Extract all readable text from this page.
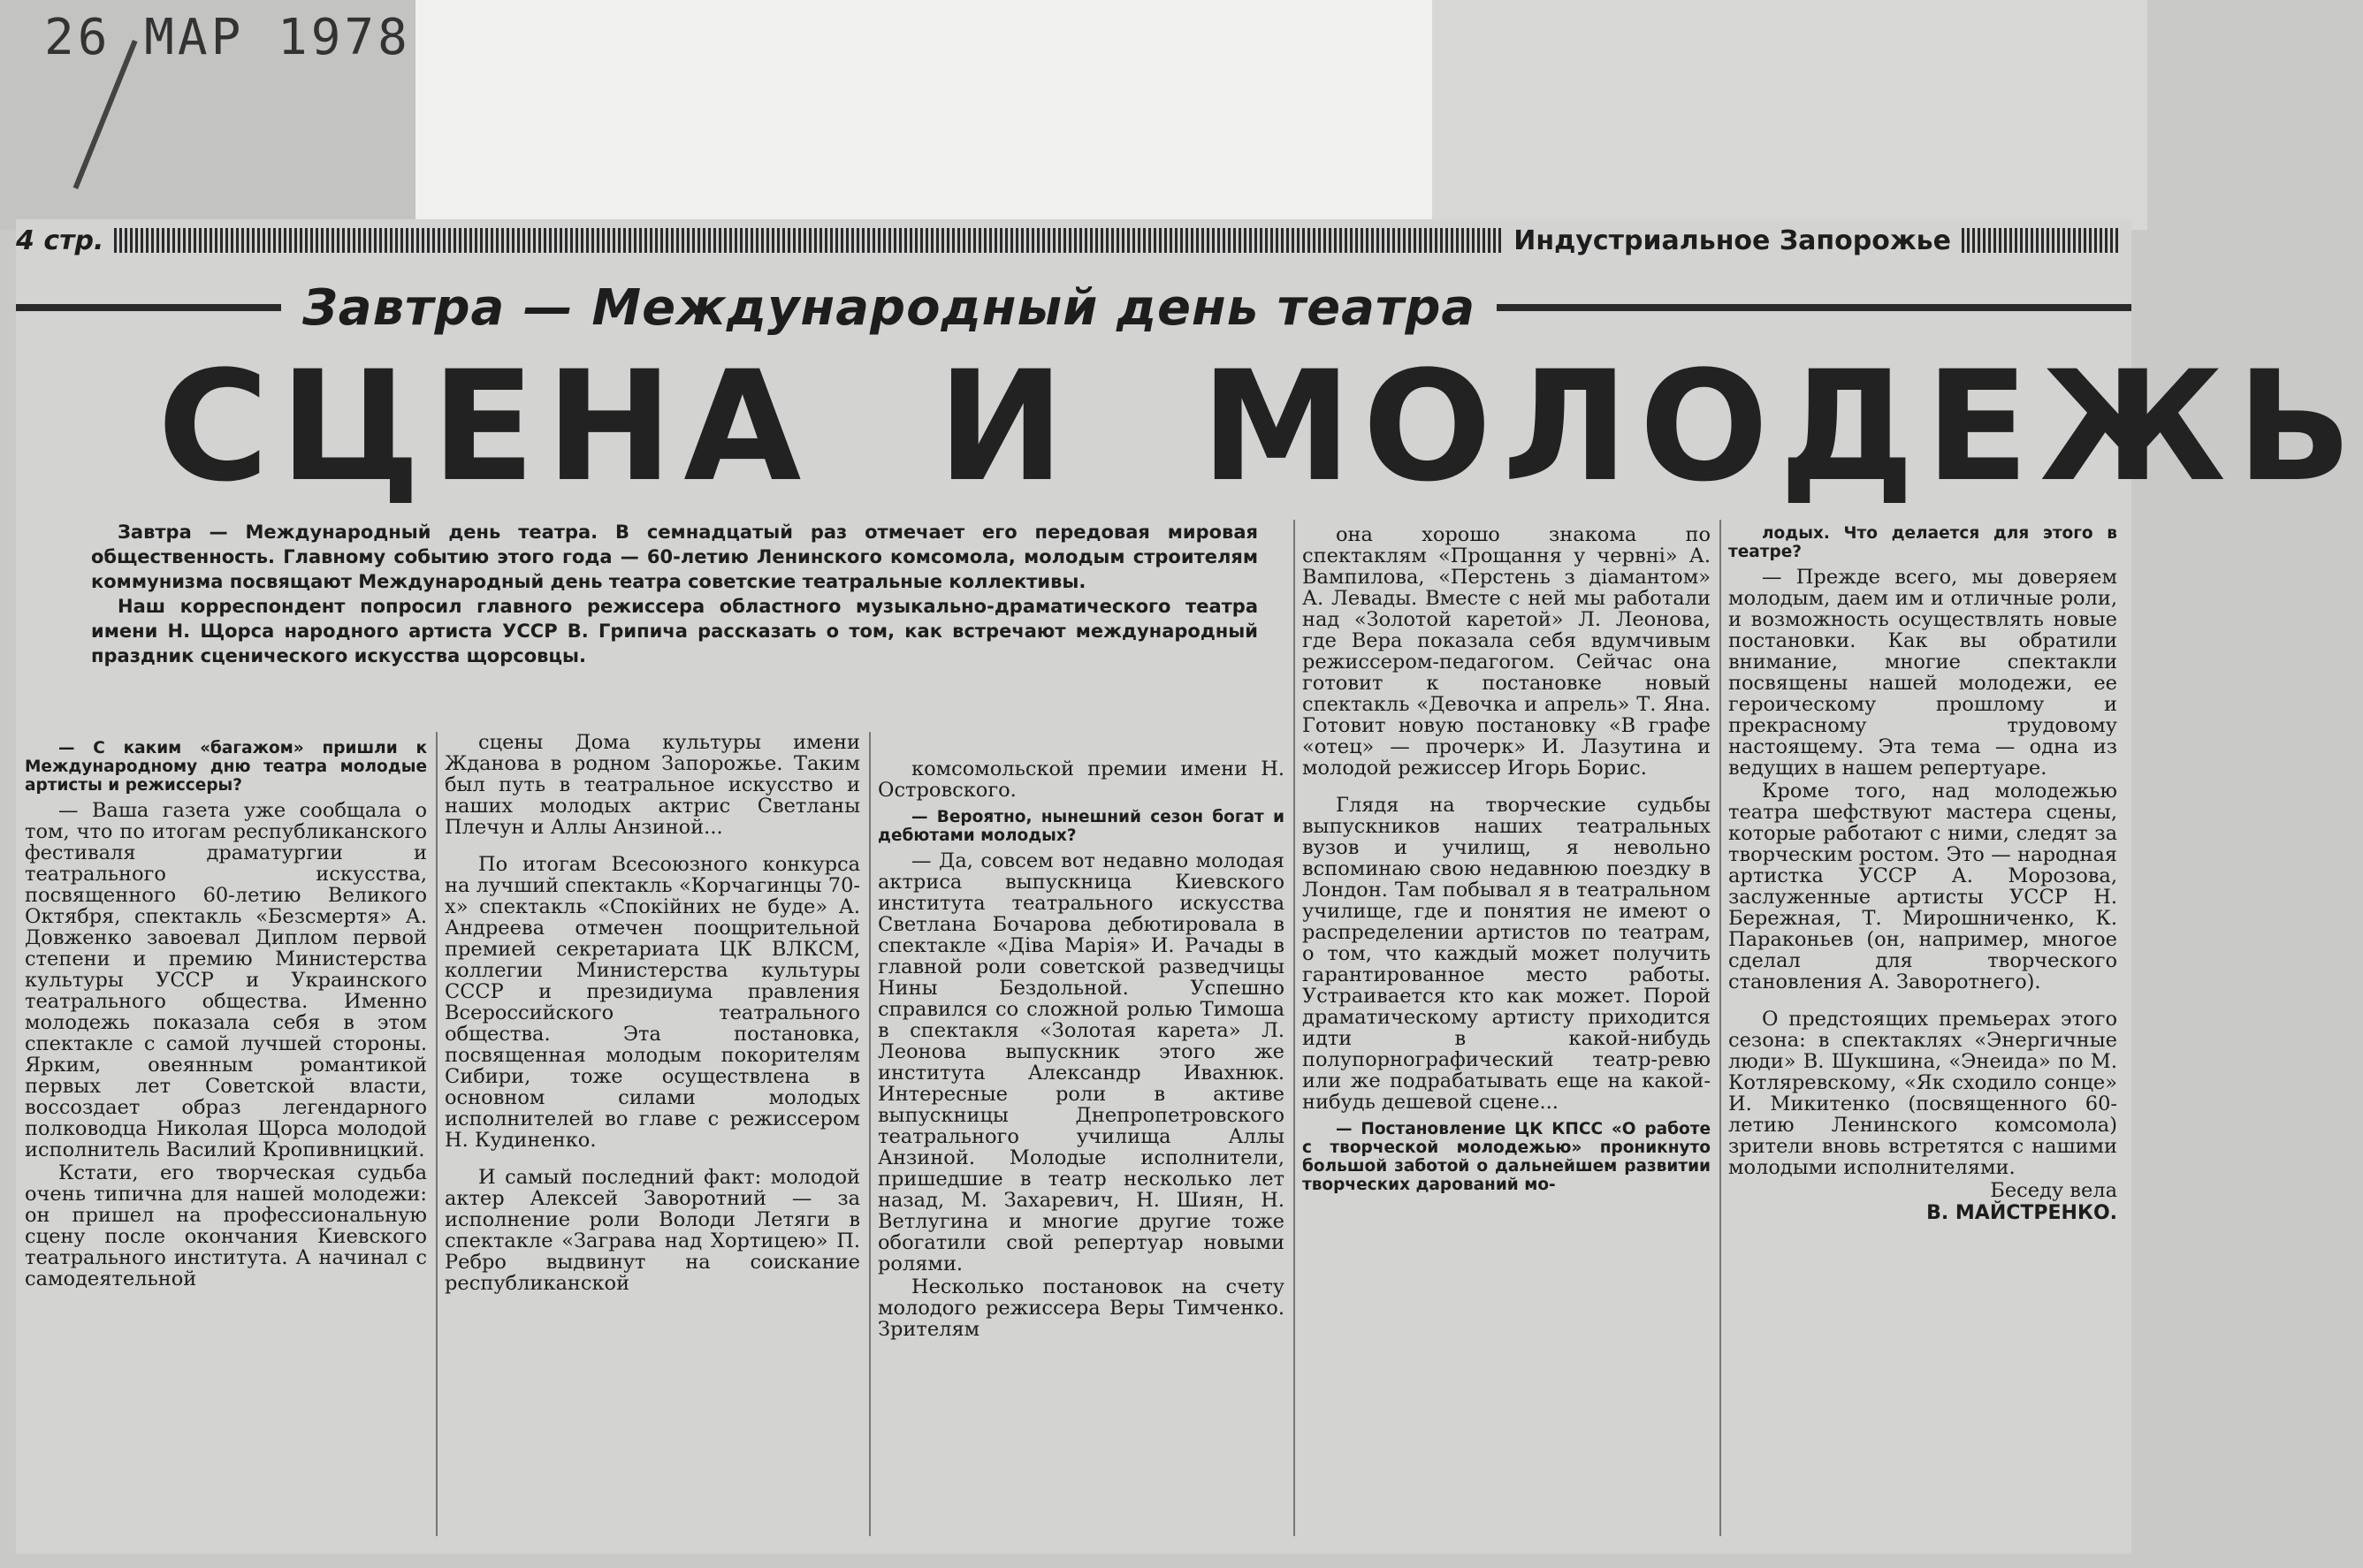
26 МАР 1978
4 стр.	Индустриальное Запорожье
Завтра — Международный день театра
СЦЕНА И МОЛОДЕЖЬ

Завтра — Международный день театра. В семнадцатый раз отмечает его передовая мировая общественность. Главному событию этого года — 60-летию Ленинского комсомола, молодым строителям коммунизма посвящают Международный день театра советские театральные коллективы.

Наш корреспондент попросил главного режиссера областного музыкально-драматического театра имени Н. Щорса народного артиста УССР В. Грипича рассказать о том, как встречают международный праздник сценического искусства щорсовцы.

— С каким «багажом» пришли к Международному дню театра молодые артисты и режиссеры?

— Ваша газета уже сообщала о том, что по итогам республиканского фестиваля драматургии и театрального искусства, посвященного 60-летию Великого Октября, спектакль «Безсмертя» А. Довженко завоевал Диплом первой степени и премию Министерства культуры УССР и Украинского театрального общества. Именно молодежь показала себя в этом спектакле с самой лучшей стороны. Ярким, овеянным романтикой первых лет Советской власти, воссоздает образ легендарного полководца Николая Щорса молодой исполнитель Василий Кропивницкий.

Кстати, его творческая судьба очень типична для нашей молодежи: он пришел на профессиональную сцену после окончания Киевского театрального института. А начинал с самодеятельной

сцены Дома культуры имени Жданова в родном Запорожье. Таким был путь в театральное искусство и наших молодых актрис Светланы Плечун и Аллы Анзиной...

По итогам Всесоюзного конкурса на лучший спектакль «Корчагинцы 70-х» спектакль «Спокійних не буде» А. Андреева отмечен поощрительной премией секретариата ЦК ВЛКСМ, коллегии Министерства культуры СССР и президиума правления Всероссийского театрального общества. Эта постановка, посвященная молодым покорителям Сибири, тоже осуществлена в основном силами молодых исполнителей во главе с режиссером Н. Кудиненко.

И самый последний факт: молодой актер Алексей Заворотний — за исполнение роли Володи Летяги в спектакле «Заграва над Хортицею» П. Ребро выдвинут на соискание республиканской

комсомольской премии имени Н. Островского.

— Вероятно, нынешний сезон богат и дебютами молодых?

— Да, совсем вот недавно молодая актриса выпускница Киевского института театрального искусства Светлана Бочарова дебютировала в спектакле «Діва Марія» И. Рачады в главной роли советской разведчицы Нины Бездольной. Успешно справился со сложной ролью Тимоша в спектакля «Золотая карета» Л. Леонова выпускник этого же института Александр Ивахнюк. Интересные роли в активе выпускницы Днепропетровского театрального училища Аллы Анзиной. Молодые исполнители, пришедшие в театр несколько лет назад, М. Захаревич, Н. Шиян, Н. Ветлугина и многие другие тоже обогатили свой репертуар новыми ролями.

Несколько постановок на счету молодого режиссера Веры Тимченко. Зрителям

она хорошо знакома по спектаклям «Прощання у червні» А. Вампилова, «Перстень з діамантом» А. Левады. Вместе с ней мы работали над «Золотой каретой» Л. Леонова, где Вера показала себя вдумчивым режиссером-педагогом. Сейчас она готовит к постановке новый спектакль «Девочка и апрель» Т. Яна. Готовит новую постановку «В графе «отец» — прочерк» И. Лазутина и молодой режиссер Игорь Борис.

Глядя на творческие судьбы выпускников наших театральных вузов и училищ, я невольно вспоминаю свою недавнюю поездку в Лондон. Там побывал я в театральном училище, где и понятия не имеют о распределении артистов по театрам, о том, что каждый может получить гарантированное место работы. Устраивается кто как может. Порой драматическому артисту приходится идти в какой-нибудь полупорнографический театр-ревю или же подрабатывать еще на какой-нибудь дешевой сцене...

— Постановление ЦК КПСС «О работе с творческой молодежью» проникнуто большой заботой о дальнейшем развитии творческих дарований мо-

лодых. Что делается для этого в театре?

— Прежде всего, мы доверяем молодым, даем им и отличные роли, и возможность осуществлять новые постановки. Как вы обратили внимание, многие спектакли посвящены нашей молодежи, ее героическому прошлому и прекрасному трудовому настоящему. Эта тема — одна из ведущих в нашем репертуаре.

Кроме того, над молодежью театра шефствуют мастера сцены, которые работают с ними, следят за творческим ростом. Это — народная артистка УССР А. Морозова, заслуженные артисты УССР Н. Бережная, Т. Мирошниченко, К. Параконьев (он, например, многое сделал для творческого становления А. Заворотнего).

О предстоящих премьерах этого сезона: в спектаклях «Энергичные люди» В. Шукшина, «Энеида» по М. Котляревскому, «Як сходило сонце» И. Микитенко (посвященного 60-летию Ленинского комсомола) зрители вновь встретятся с нашими молодыми исполнителями.

Беседу вела

В. МАЙСТРЕНКО.
